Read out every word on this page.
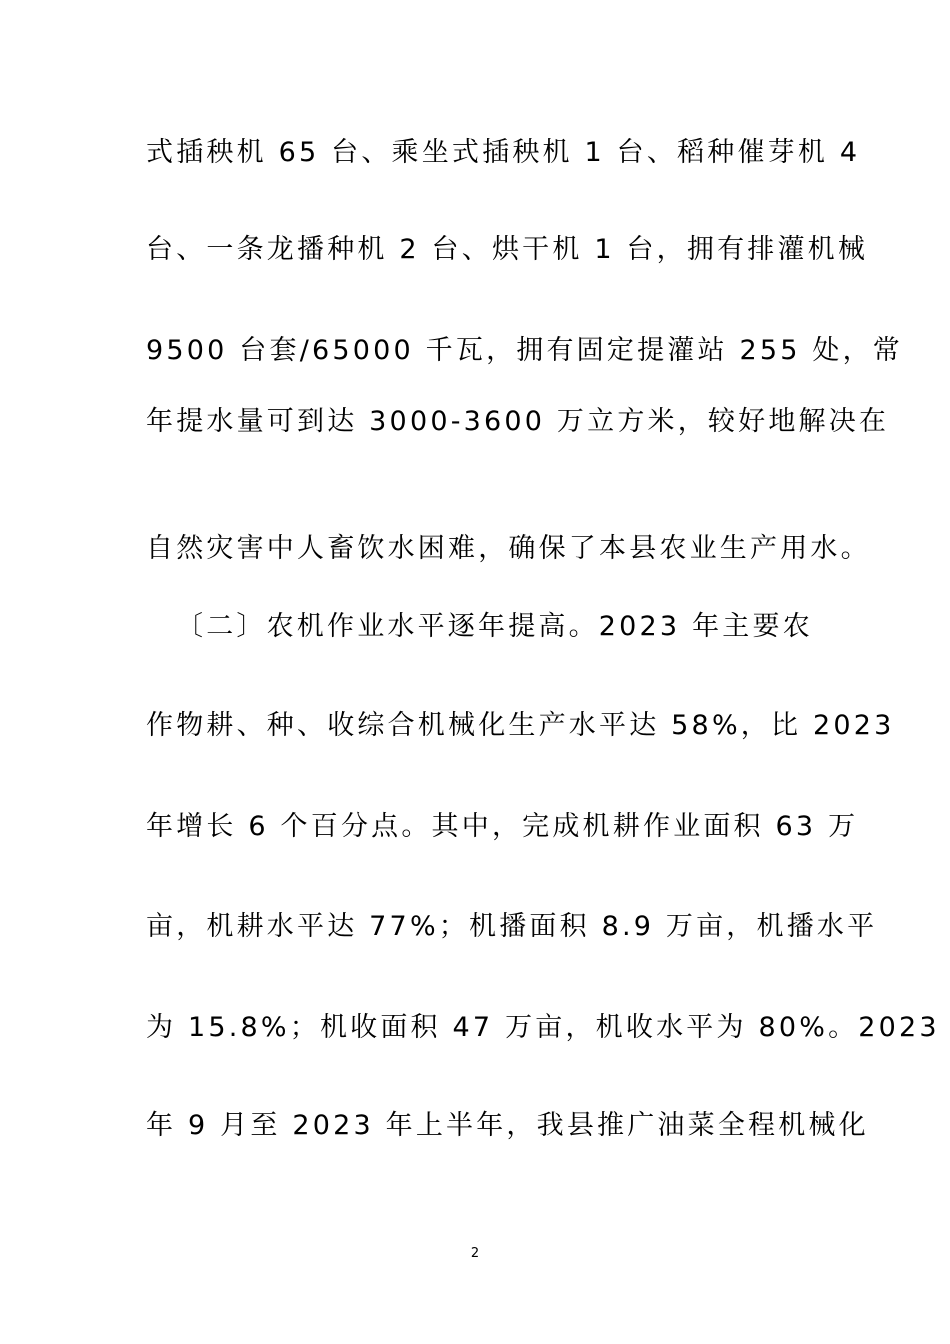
式插秧机 65 台、乘坐式插秧机 1 台、稻种催芽机 4
台、一条龙播种机 2 台、烘干机 1 台，拥有排灌机械
9500 台套/65000 千瓦，拥有固定提灌站 255 处，常
年提水量可到达 3000-3600 万立方米，较好地解决在
自然灾害中人畜饮水困难，确保了本县农业生产用水。
〔二〕农机作业水平逐年提高。2023 年主要农
作物耕、种、收综合机械化生产水平达 58%，比 2023
年增长 6 个百分点。其中，完成机耕作业面积 63 万
亩，机耕水平达 77%；机播面积 8.9 万亩，机播水平
为 15.8%；机收面积 47 万亩，机收水平为 80%。2023
年 9 月至 2023 年上半年，我县推广油菜全程机械化
2
